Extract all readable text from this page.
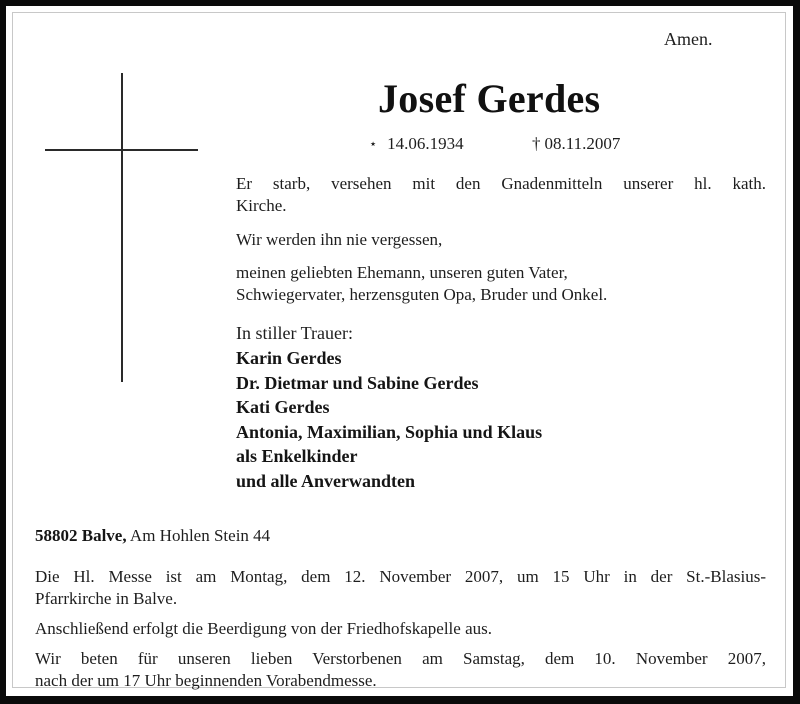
Amen.
Josef Gerdes
⋆ 14.06.1934	† 08.11.2007
Er starb, versehen mit den Gnadenmitteln unserer hl. kath.
Kirche.
Wir werden ihn nie vergessen,
meinen geliebten Ehemann, unseren guten Vater,
Schwiegervater, herzensguten Opa, Bruder und Onkel.
In stiller Trauer:
Karin Gerdes
Dr. Dietmar und Sabine Gerdes
Kati Gerdes
Antonia, Maximilian, Sophia und Klaus
als Enkelkinder
und alle Anverwandten
58802 Balve, Am Hohlen Stein 44
Die Hl. Messe ist am Montag, dem 12. November 2007, um 15 Uhr in der St.-Blasius-
Pfarrkirche in Balve.
Anschließend erfolgt die Beerdigung von der Friedhofskapelle aus.
Wir beten für unseren lieben Verstorbenen am Samstag, dem 10. November 2007,
nach der um 17 Uhr beginnenden Vorabendmesse.
